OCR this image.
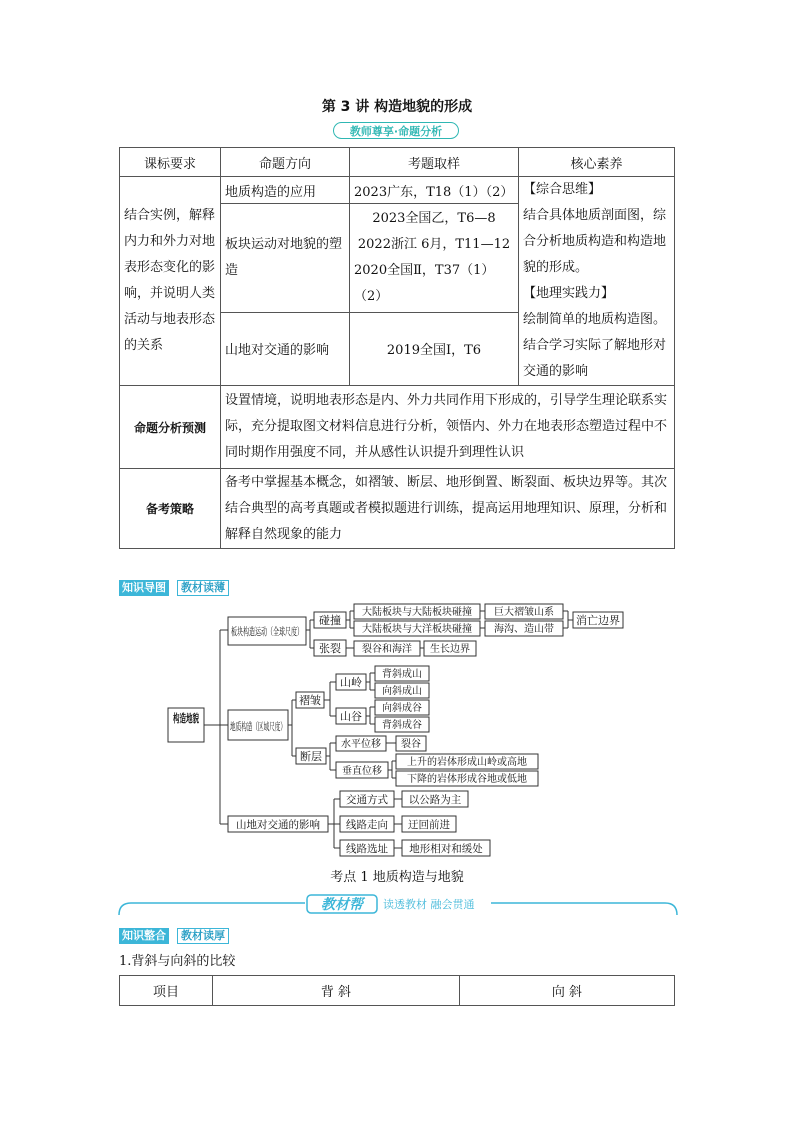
第 3 讲 构造地貌的形成
教师尊享·命题分析
课标要求	命题方向	考题取样	核心素养
结合实例，解释内力和外力对地表形态变化的影响，并说明人类活动与地表形态的关系	地质构造的应用	2023广东，T18（1）（2）	【综合思维】
结合具体地质剖面图，综合分析地质构造和构造地貌的形成。
【地理实践力】
绘制简单的地质构造图。结合学习实际了解地形对交通的影响

	板块运动对地貌的塑造	2023全国乙，T6—8
2022浙江 6月，T11—12
2020全国Ⅱ，T37（1）
（2）	

	山地对交通的影响	2019全国Ⅰ，T6	
命题分析预测	设置情境，说明地表形态是内、外力共同作用下形成的，引导学生理论联系实际，充分提取图文材料信息进行分析，领悟内、外力在地表形态塑造过程中不同时期作用强度不同，并从感性认识提升到理性认识		
备考策略	备考中掌握基本概念，如褶皱、断层、地形倒置、断裂面、板块边界等。其次结合典型的高考真题或者模拟题进行训练，提高运用地理知识、原理，分析和解释自然现象的能力		
知识导图	教材读薄
构造地貌
板块构造运动（全球尺度）
碰撞
张裂
大陆板块与大陆板块碰撞
大陆板块与大洋板块碰撞
巨大褶皱山系
海沟、造山带
消亡边界
裂谷和海洋 生长边界
地质构造（区域尺度）
褶皱
山岭
山谷
背斜成山
向斜成山
向斜成谷
背斜成谷
断层
水平位移 裂谷
垂直位移
上升的岩体形成山岭或高地
下降的岩体形成谷地或低地
山地对交通的影响
交通方式
线路走向
线路选址
以公路为主
迂回前进
地形相对和缓处
考点 1 地质构造与地貌
教材帮 读透教材 融会贯通
知识整合	教材读厚
1.背斜与向斜的比较
项目	背 斜	向 斜
